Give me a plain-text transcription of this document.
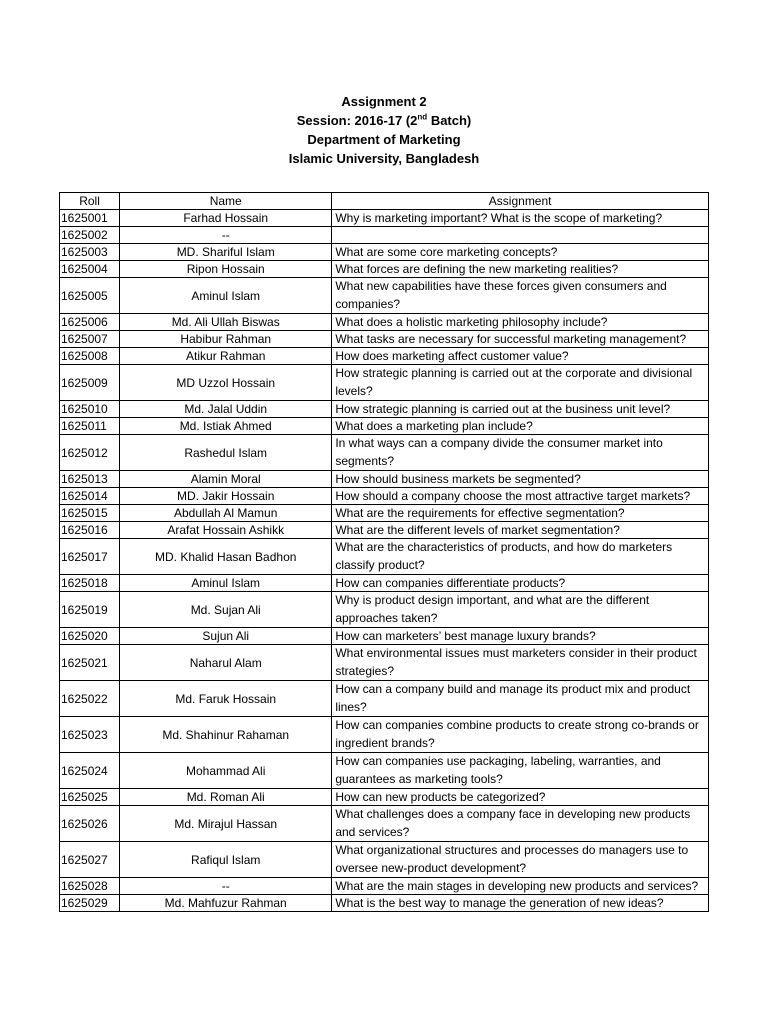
Assignment 2
Session: 2016-17 (2nd Batch)
Department of Marketing
Islamic University, Bangladesh
Roll	Name	Assignment
1625001	Farhad Hossain	Why is marketing important? What is the scope of marketing?
1625002	--	
1625003	MD. Shariful Islam	What are some core marketing concepts?
1625004	Ripon Hossain	What forces are defining the new marketing realities?
1625005	Aminul Islam	What new capabilities have these forces given consumers and companies?
1625006	Md. Ali Ullah Biswas	What does a holistic marketing philosophy include?
1625007	Habibur Rahman	What tasks are necessary for successful marketing management?
1625008	Atikur Rahman	How does marketing affect customer value?
1625009	MD Uzzol Hossain	How strategic planning is carried out at the corporate and divisional levels?
1625010	Md. Jalal Uddin	How strategic planning is carried out at the business unit level?
1625011	Md. Istiak Ahmed	What does a marketing plan include?
1625012	Rashedul Islam	In what ways can a company divide the consumer market into segments?
1625013	Alamin Moral	How should business markets be segmented?
1625014	MD. Jakir Hossain	How should a company choose the most attractive target markets?
1625015	Abdullah Al Mamun	What are the requirements for effective segmentation?
1625016	Arafat Hossain Ashikk	What are the different levels of market segmentation?
1625017	MD. Khalid Hasan Badhon	What are the characteristics of products, and how do marketers classify product?
1625018	Aminul Islam	How can companies differentiate products?
1625019	Md. Sujan Ali	Why is product design important, and what are the different approaches taken?
1625020	Sujun Ali	How can marketers’ best manage luxury brands?
1625021	Naharul Alam	What environmental issues must marketers consider in their product strategies?
1625022	Md. Faruk Hossain	How can a company build and manage its product mix and product lines?
1625023	Md. Shahinur Rahaman	How can companies combine products to create strong co-brands or ingredient brands?
1625024	Mohammad Ali	How can companies use packaging, labeling, warranties, and guarantees as marketing tools?
1625025	Md. Roman Ali	How can new products be categorized?
1625026	Md. Mirajul Hassan	What challenges does a company face in developing new products and services?
1625027	Rafiqul Islam	What organizational structures and processes do managers use to oversee new-product development?
1625028	--	What are the main stages in developing new products and services?
1625029	Md. Mahfuzur Rahman	What is the best way to manage the generation of new ideas?
